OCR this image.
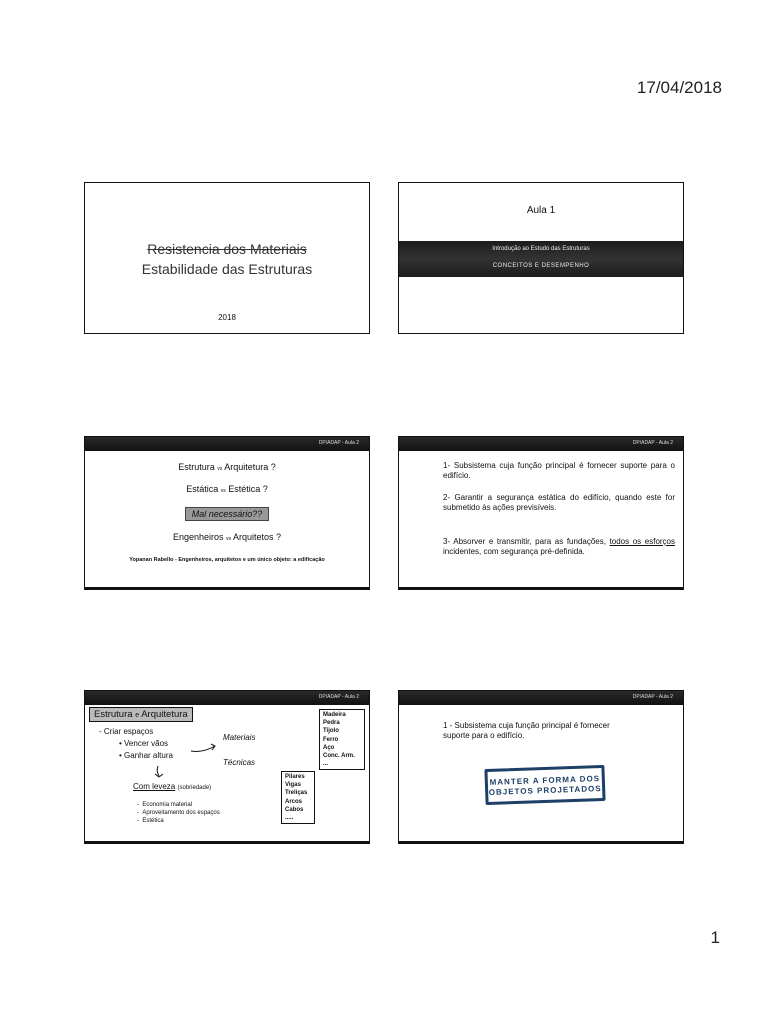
17/04/2018
Resistencia dos Materiais
Estabilidade das Estruturas
2018
Aula 1
Introdução ao Estudo das Estruturas
CONCEITOS E DESEMPENHO
DP/ADAP - Aula 2
Estrutura vs Arquitetura ?
Estática vs Estética ?
Mal necessário??
Engenheiros vs Arquitetos ?
Yopanan Rabello - Engenheiros, arquitetos e um único objeto: a edificação
DP/ADAP - Aula 2
1- Subsistema cuja função principal é fornecer suporte para o edifício.
2- Garantir a segurança estática do edifício, quando este for submetido às ações previsíveis.
3- Absorver e transmitir, para as fundações, todos os esforços incidentes, com segurança pré-definida.
DP/ADAP - Aula 2
Estrutura e Arquitetura
- Criar espaços
• Vencer vãos
• Ganhar altura
Materiais
Técnicas
Com leveza (sobriedade)
-  Economia material
-  Aproveitamento dos espaços
-  Estética
Madeira
Pedra
Tijolo
Ferro
Aço
Conc. Arm.
...
Pilares
Vigas
Treliças
Arcos
Cabos
.....
DP/ADAP - Aula 2
1 - Subsistema cuja função principal é fornecer suporte para o edifício.
MANTER A FORMA DOS
OBJETOS PROJETADOS
1
